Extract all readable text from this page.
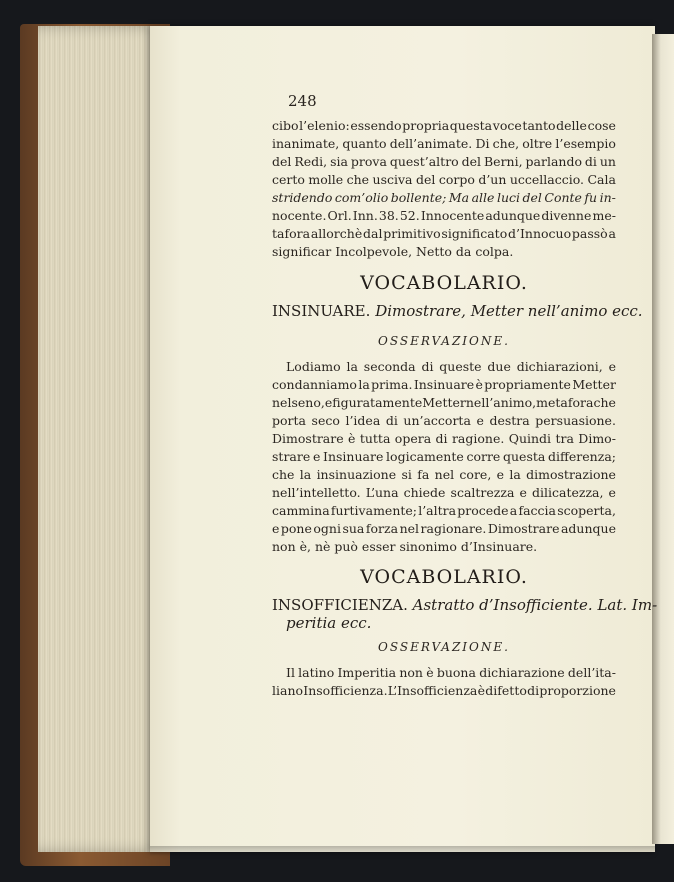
248
cibo l’elenio: essendo propria questa voce tanto delle cose
inanimate, quanto dell’animate. Di che, oltre l’esempio
del Redi, sia prova quest’altro del Berni, parlando di un
certo molle che usciva del corpo d’un uccellaccio. Cala
stridendo com’olio bollente; Ma alle luci del Conte fu in-
nocente. Orl. Inn. 38. 52. Innocente adunque divenne me-
tafora allorchè dal primitivo significato d’Innocuo passò a
significar Incolpevole, Netto da colpa.
VOCABOLARIO.
INSINUARE. Dimostrare, Metter nell’animo ecc.
OSSERVAZIONE.
Lodiamo la seconda di queste due dichiarazioni, e
condanniamo la prima. Insinuare è propriamente Metter
nel seno, e figuratamente Metter nell’animo, metafora che
porta seco l’idea di un’accorta e destra persuasione.
Dimostrare è tutta opera di ragione. Quindi tra Dimo-
strare e Insinuare logicamente corre questa differenza;
che la insinuazione si fa nel core, e la dimostrazione
nell’intelletto. L’una chiede scaltrezza e dilicatezza, e
cammina furtivamente; l’altra procede a faccia scoperta,
e pone ogni sua forza nel ragionare. Dimostrare adunque
non è, nè può esser sinonimo d’Insinuare.
VOCABOLARIO.
INSOFFICIENZA. Astratto d’Insofficiente. Lat. Im-
peritia ecc.
OSSERVAZIONE.
Il latino Imperitia non è buona dichiarazione dell’ita-
liano Insofficienza. L’Insofficienza è difetto di proporzione
